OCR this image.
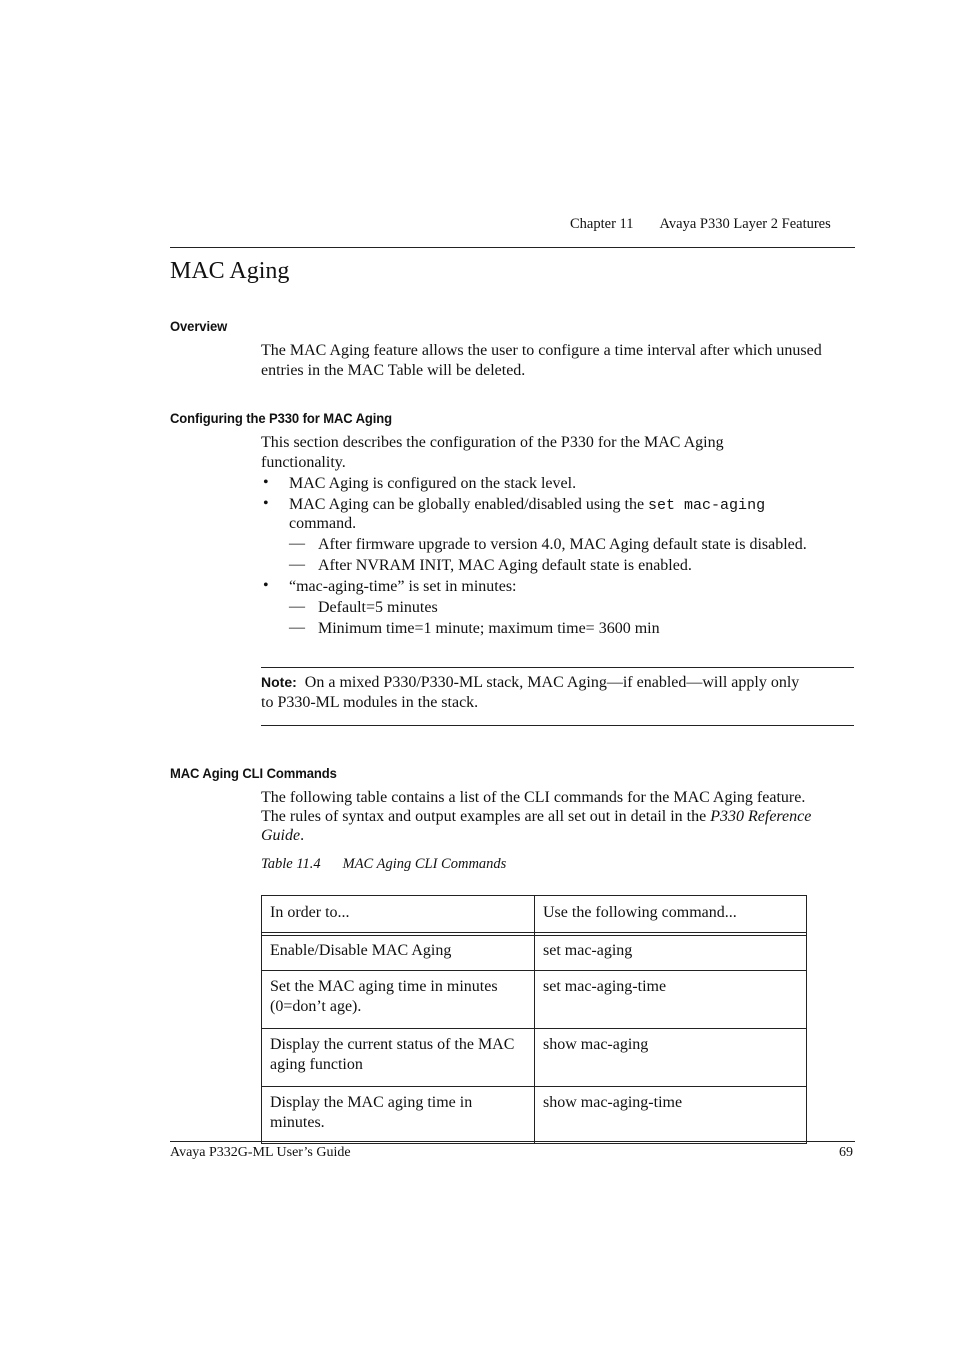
Chapter 11 Avaya P330 Layer 2 Features
MAC Aging
Overview
The MAC Aging feature allows the user to configure a time interval after which unused entries in the MAC Table will be deleted.
Configuring the P330 for MAC Aging
This section describes the configuration of the P330 for the MAC Aging functionality.
• MAC Aging is configured on the stack level.
• MAC Aging can be globally enabled/disabled using the set mac-aging
command.
— After firmware upgrade to version 4.0, MAC Aging default state is disabled.
— After NVRAM INIT, MAC Aging default state is enabled.
• “mac-aging-time” is set in minutes:
— Default=5 minutes
— Minimum time=1 minute; maximum time= 3600 min
Note: On a mixed P330/P330-ML stack, MAC Aging—if enabled—will apply only
to P330-ML modules in the stack.
MAC Aging CLI Commands
The following table contains a list of the CLI commands for the MAC Aging feature.
The rules of syntax and output examples are all set out in detail in the P330 Reference
Guide.
Table 11.4 MAC Aging CLI Commands
In order to...	Use the following command...

Enable/Disable MAC Aging	set mac-aging
Set the MAC aging time in minutes (0=don’t age).	set mac-aging-time
Display the current status of the MAC aging function	show mac-aging
Display the MAC aging time in minutes.	show mac-aging-time
Avaya P332G-ML User’s Guide	69
